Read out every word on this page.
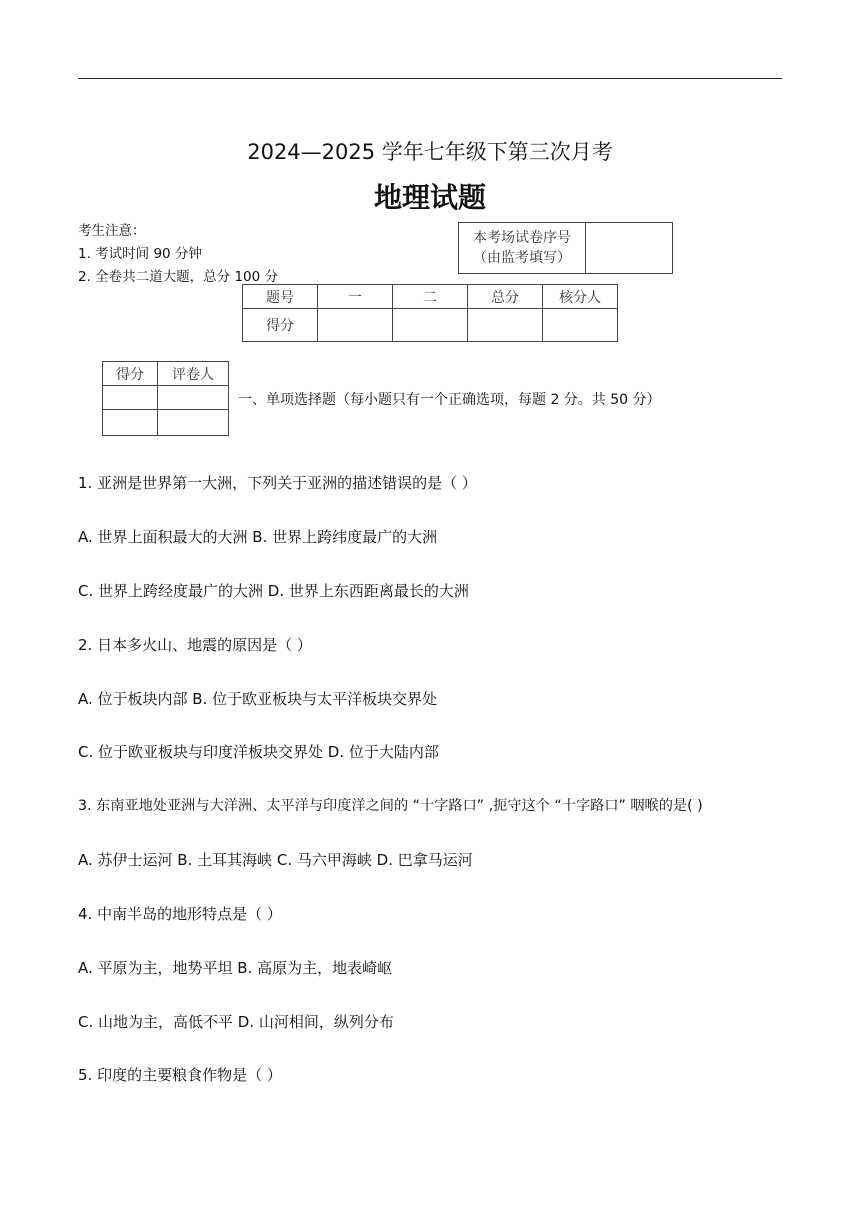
2024—2025 学年七年级下第三次月考
地理试题
考生注意：
1. 考试时间 90 分钟
2. 全卷共二道大题，总分 100 分
本考场试卷序号
（由监考填写）

题号	一	二	总分	核分人
得分				
得分	评卷人

一、单项选择题（每小题只有一个正确选项，每题 2 分。共 50 分）
1. 亚洲是世界第一大洲，下列关于亚洲的描述错误的是（ ）
A. 世界上面积最大的大洲 B. 世界上跨纬度最广的大洲
C. 世界上跨经度最广的大洲 D. 世界上东西距离最长的大洲
2. 日本多火山、地震的原因是（ ）
A. 位于板块内部 B. 位于欧亚板块与太平洋板块交界处
C. 位于欧亚板块与印度洋板块交界处 D. 位于大陆内部
3. 东南亚地处亚洲与大洋洲、太平洋与印度洋之间的 “十字路口” ,扼守这个 “十字路口” 咽喉的是( )
A. 苏伊士运河 B. 土耳其海峡 C. 马六甲海峡 D. 巴拿马运河
4. 中南半岛的地形特点是（ ）
A. 平原为主，地势平坦 B. 高原为主，地表崎岖
C. 山地为主，高低不平 D. 山河相间，纵列分布
5. 印度的主要粮食作物是（ ）
